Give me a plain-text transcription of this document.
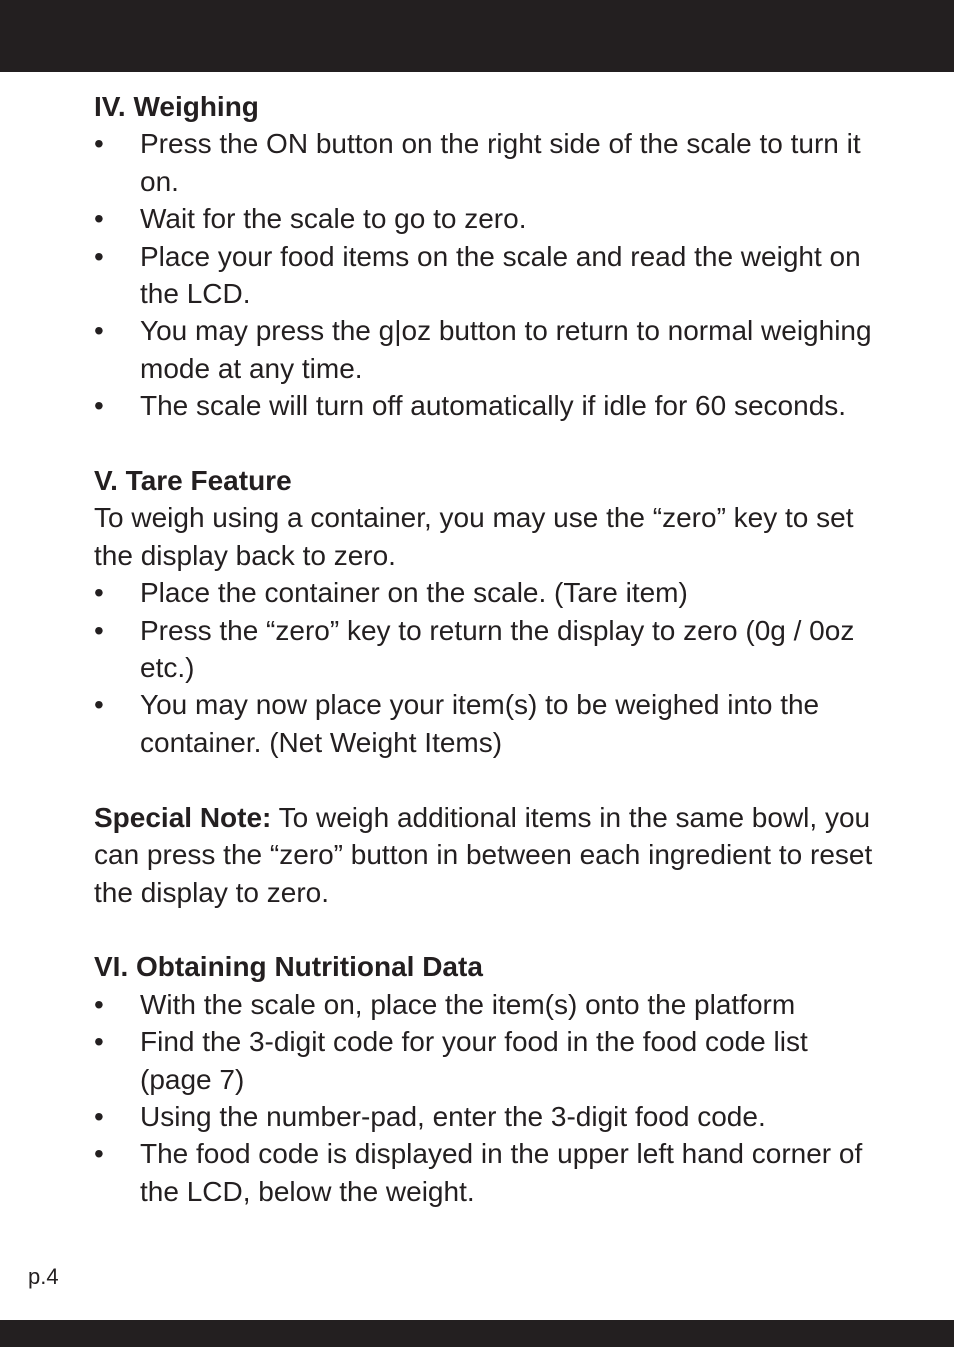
IV. Weighing
• Press the ON button on the right side of the scale to turn it on.
• Wait for the scale to go to zero.
• Place your food items on the scale and read the weight on the LCD.
• You may press the g|oz button to return to normal weighing mode at any time.
• The scale will turn off automatically if idle for 60 seconds.
V. Tare Feature

To weigh using a container, you may use the “zero” key to set the display back to zero.

• Place the container on the scale. (Tare item)
• Press the “zero” key to return the display to zero (0g / 0oz etc.)
• You may now place your item(s) to be weighed into the container. (Net Weight Items)

Special Note: To weigh additional items in the same bowl, you can press the “zero” button in between each ingredient to reset the display to zero.

VI. Obtaining Nutritional Data
• With the scale on, place the item(s) onto the platform
• Find the 3-digit code for your food in the food code list (page 7)
• Using the number-pad, enter the 3-digit food code.
• The food code is displayed in the upper left hand corner of the LCD, below the weight.
p.4
